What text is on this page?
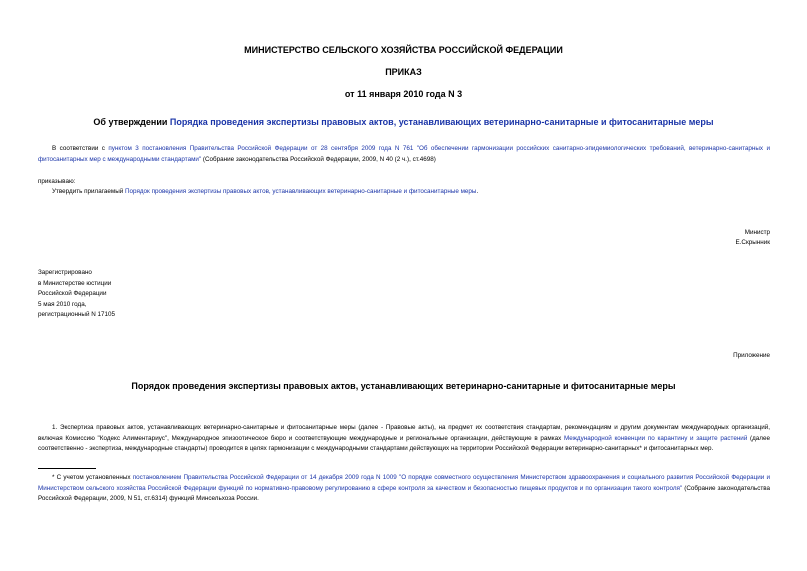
МИНИСТЕРСТВО СЕЛЬСКОГО ХОЗЯЙСТВА РОССИЙСКОЙ ФЕДЕРАЦИИ
ПРИКАЗ
от 11 января 2010 года N 3
Об утверждении Порядка проведения экспертизы правовых актов, устанавливающих ветеринарно-санитарные и фитосанитарные меры
В соответствии с пунктом 3 постановления Правительства Российской Федерации от 28 сентября 2009 года N 761 "Об обеспечении гармонизации российских санитарно-эпидемиологических требований, ветеринарно-санитарных и фитосанитарных мер с международными стандартами" (Собрание законодательства Российской Федерации, 2009, N 40 (2 ч.), ст.4698)
приказываю:
Утвердить прилагаемый Порядок проведения экспертизы правовых актов, устанавливающих ветеринарно-санитарные и фитосанитарные меры.
Министр
Е.Скрынник
Зарегистрировано
в Министерстве юстиции
Российской Федерации
5 мая 2010 года,
регистрационный N 17105
Приложение
Порядок проведения экспертизы правовых актов, устанавливающих ветеринарно-санитарные и фитосанитарные меры
1. Экспертиза правовых актов, устанавливающих ветеринарно-санитарные и фитосанитарные меры (далее - Правовые акты), на предмет их соответствия стандартам, рекомендациям и другим документам международных организаций, включая Комиссию "Кодекс Алиментариус", Международное эпизоотическое бюро и соответствующие международные и региональные организации, действующие в рамках Международной конвенции по карантину и защите растений (далее соответственно - экспертиза, международные стандарты) проводится в целях гармонизации с международными стандартами действующих на территории Российской Федерации ветеринарно-санитарных* и фитосанитарных мер.
* С учетом установленных постановлением Правительства Российской Федерации от 14 декабря 2009 года N 1009 "О порядке совместного осуществления Министерством здравоохранения и социального развития Российской Федерации и Министерством сельского хозяйства Российской Федерации функций по нормативно-правовому регулированию в сфере контроля за качеством и безопасностью пищевых продуктов и по организации такого контроля" (Собрание законодательства Российской Федерации, 2009, N 51, ст.6314) функций Минсельхоза России.
